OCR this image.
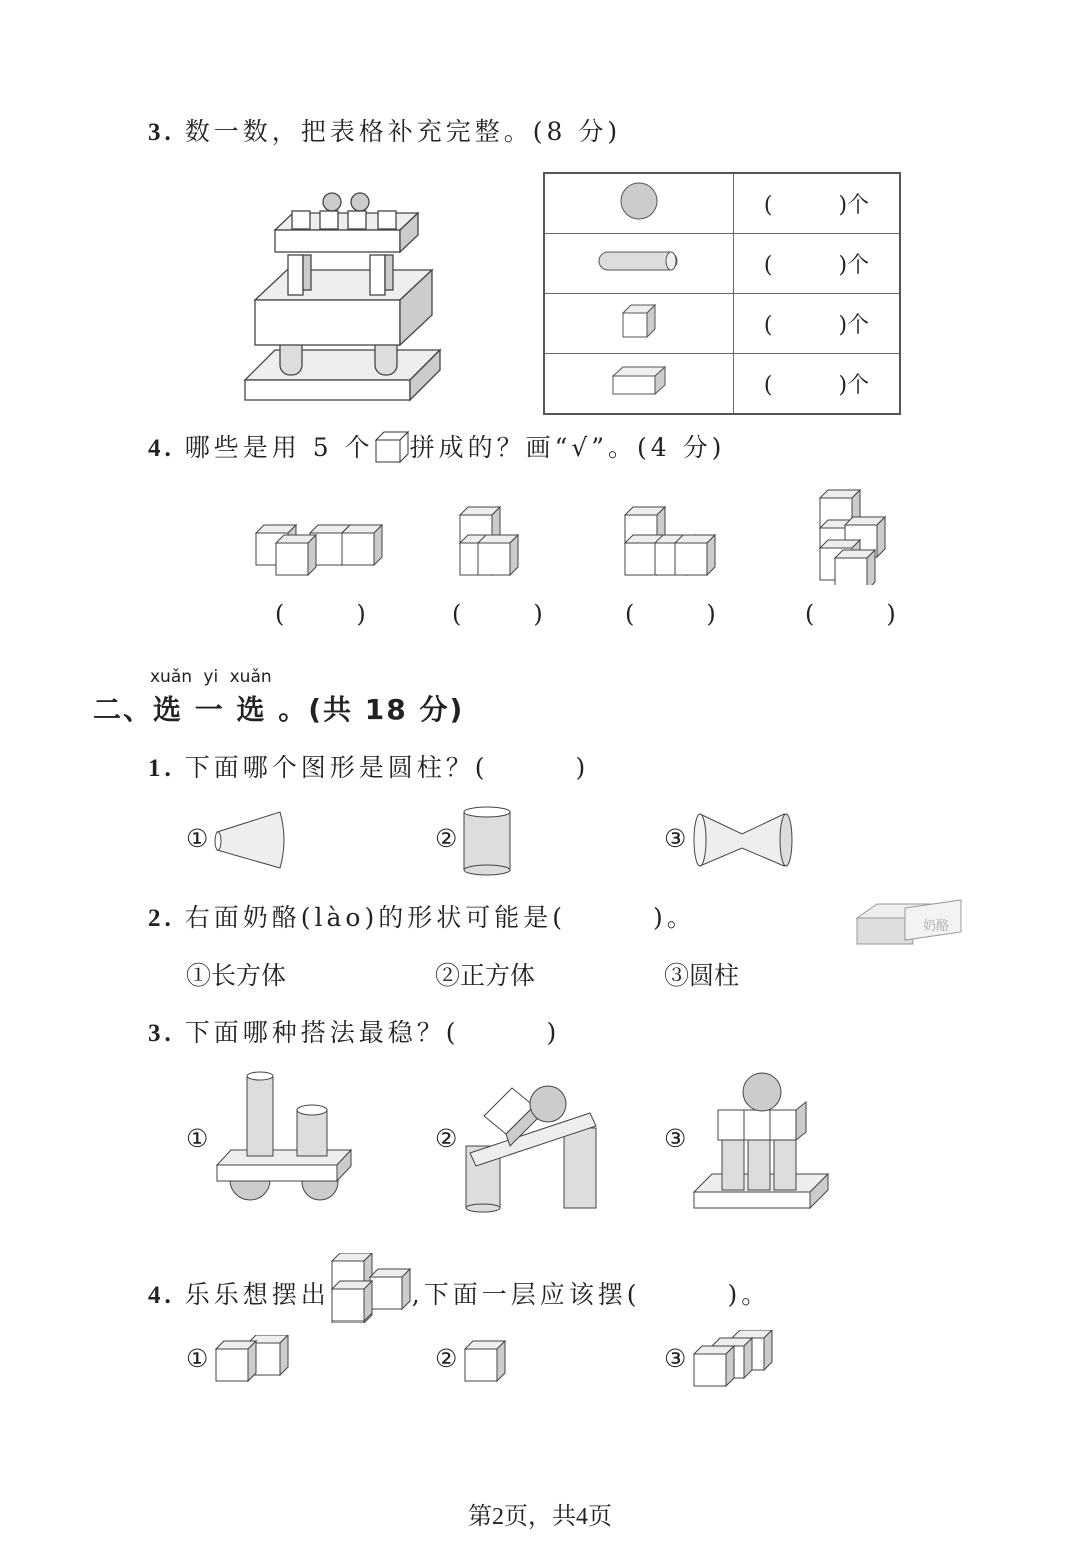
3. 数一数，把表格补充完整。(8 分)
	(　　　)个
	(　　　)个
	(　　　)个
	(　　　)个
4. 哪些是用 5 个 拼成的？画“√”。(4 分)
(　　　)	(　　　)	(　　　)	(　　　)
xuǎn yi xuǎn
二、选 一 选 。(共 18 分)
1. 下面哪个图形是圆柱？(　　　)
①	②	③
2. 右面奶酪(lào)的形状可能是(　　　)。	奶酪
①长方体	②正方体	③圆柱
3. 下面哪种搭法最稳？(　　　)
①	②	③
4. 乐乐想摆出	,下面一层应该摆(　　　)。
①	②	③
第2页，共4页
